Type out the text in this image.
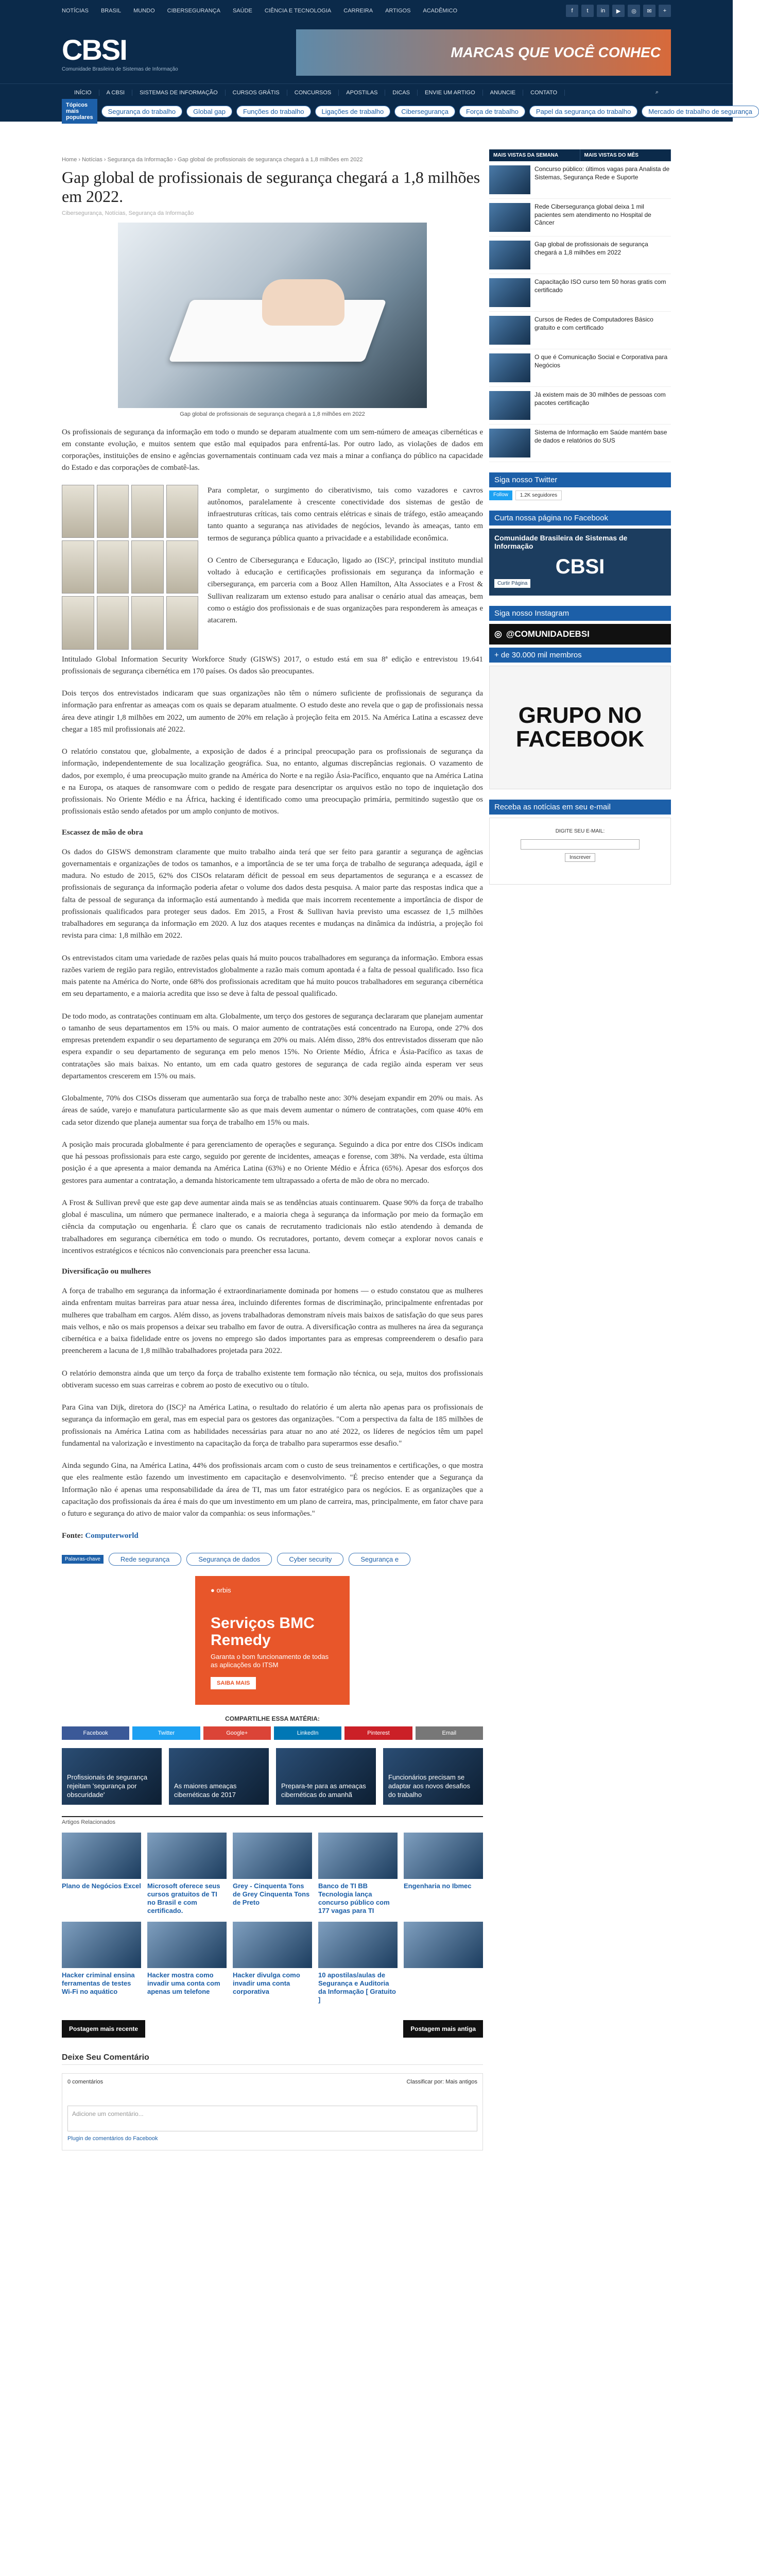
NOTÍCIAS BRASIL MUNDO CIBERSEGURANÇA SAÚDE CIÊNCIA E TECNOLOGIA CARREIRA ARTIGOS ACADÊMICO	f	t	in	▶	◎	✉	+
CBSI
Comunidade Brasileira de Sistemas de Informação
MARCAS QUE VOCÊ CONHEC
INÍCIO	A CBSI	SISTEMAS DE INFORMAÇÃO	CURSOS GRÁTIS	CONCURSOS	APOSTILAS	DICAS	ENVIE UM ARTIGO	ANUNCIE	CONTATO	⌕
Tópicos mais populares
Segurança do trabalho	Global gap	Funções do trabalho	Ligações de trabalho	Cibersegurança	Força de trabalho	Papel da segurança do trabalho	Mercado de trabalho de segurança
Home › Notícias › Segurança da Informação › Gap global de profissionais de segurança chegará a 1,8 milhões em 2022
Gap global de profissionais de segurança chegará a 1,8 milhões em 2022.
Cibersegurança, Notícias, Segurança da Informação
Gap global de profissionais de segurança chegará a 1,8 milhões em 2022

Os profissionais de segurança da informação em todo o mundo se deparam atualmente com um sem-número de ameaças cibernéticas e em constante evolução, e muitos sentem que estão mal equipados para enfrentá-las. Por outro lado, as violações de dados em corporações, instituições de ensino e agências governamentais continuam cada vez mais a minar a confiança do público na capacidade do Estado e das corporações de combatê-las.

Para completar, o surgimento do ciberativismo, tais como vazadores e cavros autônomos, paralelamente à crescente conectividade dos sistemas de gestão de infraestruturas críticas, tais como centrais elétricas e sinais de tráfego, estão ameaçando tanto quanto a segurança nas atividades de negócios, levando às ameaças, tanto em termos de segurança pública quanto a privacidade e a estabilidade econômica.

O Centro de Cibersegurança e Educação, ligado ao (ISC)², principal instituto mundial voltado à educação e certificações profissionais em segurança da informação e cibersegurança, em parceria com a Booz Allen Hamilton, Alta Associates e a Frost & Sullivan realizaram um extenso estudo para analisar o cenário atual das ameaças, bem como o estágio dos profissionais e de suas organizações para responderem às ameaças e atacarem.

Intitulado Global Information Security Workforce Study (GISWS) 2017, o estudo está em sua 8ª edição e entrevistou 19.641 profissionais de segurança cibernética em 170 países. Os dados são preocupantes.

Dois terços dos entrevistados indicaram que suas organizações não têm o número suficiente de profissionais de segurança da informação para enfrentar as ameaças com os quais se deparam atualmente. O estudo deste ano revela que o gap de profissionais nessa área deve atingir 1,8 milhões em 2022, um aumento de 20% em relação à projeção feita em 2015. Na América Latina a escassez deve chegar a 185 mil profissionais até 2022.

O relatório constatou que, globalmente, a exposição de dados é a principal preocupação para os profissionais de segurança da informação, independentemente de sua localização geográfica. Sua, no entanto, algumas discrepâncias regionais. O vazamento de dados, por exemplo, é uma preocupação muito grande na América do Norte e na região Ásia-Pacífico, enquanto que na América Latina e na Europa, os ataques de ransomware com o pedido de resgate para desencriptar os arquivos estão no topo de inquietação dos profissionais. No Oriente Médio e na África, hacking é identificado como uma preocupação primária, permitindo sugestão que os profissionais estão sendo afetados por um amplo conjunto de motivos.

Escassez de mão de obra

Os dados do GISWS demonstram claramente que muito trabalho ainda terá que ser feito para garantir a segurança de agências governamentais e organizações de todos os tamanhos, e a importância de se ter uma força de trabalho de segurança adequada, ágil e madura. No estudo de 2015, 62% dos CISOs relataram déficit de pessoal em seus departamentos de segurança e a escassez de profissionais de segurança da informação poderia afetar o volume dos dados desta pesquisa. A maior parte das respostas indica que a falta de pessoal de segurança da informação está aumentando à medida que mais incorrem recentemente a importância de dispor de profissionais qualificados para proteger seus dados. Em 2015, a Frost & Sullivan havia previsto uma escassez de 1,5 milhões trabalhadores em segurança da informação em 2020. A luz dos ataques recentes e mudanças na dinâmica da indústria, a projeção foi revista para cima: 1,8 milhão em 2022.

Os entrevistados citam uma variedade de razões pelas quais há muito poucos trabalhadores em segurança da informação. Embora essas razões variem de região para região, entrevistados globalmente a razão mais comum apontada é a falta de pessoal qualificado. Isso fica mais patente na América do Norte, onde 68% dos profissionais acreditam que há muito poucos trabalhadores em segurança cibernética em seu departamento, e a maioria acredita que isso se deve à falta de pessoal qualificado.

De todo modo, as contratações continuam em alta. Globalmente, um terço dos gestores de segurança declararam que planejam aumentar o tamanho de seus departamentos em 15% ou mais. O maior aumento de contratações está concentrado na Europa, onde 27% dos empresas pretendem expandir o seu departamento de segurança em 20% ou mais. Além disso, 28% dos entrevistados disseram que não espera expandir o seu departamento de segurança em pelo menos 15%. No Oriente Médio, África e Ásia-Pacífico as taxas de contratações são mais baixas. No entanto, um em cada quatro gestores de segurança de cada região ainda esperam ver seus departamentos crescerem em 15% ou mais.

Globalmente, 70% dos CISOs disseram que aumentarão sua força de trabalho neste ano: 30% desejam expandir em 20% ou mais. As áreas de saúde, varejo e manufatura particularmente são as que mais devem aumentar o número de contratações, com quase 40% em cada setor dizendo que planeja aumentar sua força de trabalho em 15% ou mais.

A posição mais procurada globalmente é para gerenciamento de operações e segurança. Seguindo a dica por entre dos CISOs indicam que há pessoas profissionais para este cargo, seguido por gerente de incidentes, ameaças e forense, com 38%. Na verdade, esta última posição é a que apresenta a maior demanda na América Latina (63%) e no Oriente Médio e África (65%). Apesar dos esforços dos gestores para aumentar a contratação, a demanda historicamente tem ultrapassado a oferta de mão de obra no mercado.

A Frost & Sullivan prevê que este gap deve aumentar ainda mais se as tendências atuais continuarem. Quase 90% da força de trabalho global é masculina, um número que permanece inalterado, e a maioria chega à segurança da informação por meio da formação em ciência da computação ou engenharia. É claro que os canais de recrutamento tradicionais não estão atendendo à demanda de trabalhadores em segurança cibernética em todo o mundo. Os recrutadores, portanto, devem começar a explorar novos canais e incentivos estratégicos e técnicos não convencionais para preencher essa lacuna.

Diversificação ou mulheres

A força de trabalho em segurança da informação é extraordinariamente dominada por homens — o estudo constatou que as mulheres ainda enfrentam muitas barreiras para atuar nessa área, incluindo diferentes formas de discriminação, principalmente enfrentadas por mulheres que trabalham em cargos. Além disso, as jovens trabalhadoras demonstram níveis mais baixos de satisfação do que seus pares mais velhos, e não os mais propensos a deixar seu trabalho em favor de outra. A diversificação contra as mulheres na área da segurança cibernética e a baixa fidelidade entre os jovens no emprego são dados importantes para as empresas compreenderem o desafio para preencherem a lacuna de 1,8 milhão trabalhadores projetada para 2022.

O relatório demonstra ainda que um terço da força de trabalho existente tem formação não técnica, ou seja, muitos dos profissionais obtiveram sucesso em suas carreiras e cobrem ao posto de executivo ou o título.

Para Gina van Dijk, diretora do (ISC)² na América Latina, o resultado do relatório é um alerta não apenas para os profissionais de segurança da informação em geral, mas em especial para os gestores das organizações. "Com a perspectiva da falta de 185 milhões de profissionais na América Latina com as habilidades necessárias para atuar no ano até 2022, os líderes de negócios têm um papel fundamental na valorização e investimento na capacitação da força de trabalho para superarmos esse desafio."

Ainda segundo Gina, na América Latina, 44% dos profissionais arcam com o custo de seus treinamentos e certificações, o que mostra que eles realmente estão fazendo um investimento em capacitação e desenvolvimento. "É preciso entender que a Segurança da Informação não é apenas uma responsabilidade da área de TI, mas um fator estratégico para os negócios. E as organizações que a capacitação dos profissionais da área é mais do que um investimento em um plano de carreira, mas, principalmente, em fator chave para o futuro e segurança do ativo de maior valor da companhia: os seus informações."

Fonte: Computerworld

Palavras-chave	Rede segurança	Segurança de dados	Cyber security	Segurança e
● orbis
Serviços BMC Remedy
Garanta o bom funcionamento de todas as aplicações do ITSM
SAIBA MAIS
COMPARTILHE ESSA MATÉRIA:
Facebook	Twitter	Google+	LinkedIn	Pinterest	Email
Profissionais de segurança rejeitam 'segurança por obscuridade'
As maiores ameaças cibernéticas de 2017
Prepara-te para as ameaças cibernéticas do amanhã
Funcionários precisam se adaptar aos novos desafios do trabalho
Artigos Relacionados
Plano de Negócios Excel Microsoft oferece seus cursos gratuitos de TI no Brasil e com certificado.
Grey - Cinquenta Tons de Grey Cinquenta Tons de Preto
Banco de TI BB Tecnologia lança concurso público com 177 vagas para TI
Engenharia no Ibmec
Hacker criminal ensina ferramentas de testes Wi-Fi no aquático
Hacker mostra como invadir uma conta com apenas um telefone
Hacker divulga como invadir uma conta corporativa
10 apostilas/aulas de Segurança e Auditoria da Informação [ Gratuito ]
Postagem mais recente	Postagem mais antiga
Deixe Seu Comentário
0 comentários	Classificar por: Mais antigos
Adicione um comentário...
Plugin de comentários do Facebook
MAIS VISTAS DA SEMANA	MAIS VISTAS DO MÊS
Concurso público: últimos vagas para Analista de Sistemas, Segurança Rede e Suporte
Rede Cibersegurança global deixa 1 mil pacientes sem atendimento no Hospital de Câncer
Gap global de profissionais de segurança chegará a 1,8 milhões em 2022
Capacitação ISO curso tem 50 horas gratis com certificado
Cursos de Redes de Computadores Básico gratuito e com certificado
O que é Comunicação Social e Corporativa para Negócios
Já existem mais de 30 milhões de pessoas com pacotes certificação
Sistema de Informação em Saúde mantém base de dados e relatórios do SUS
Siga nosso Twitter
Follow	1.2K seguidores
Curta nossa página no Facebook
Comunidade Brasileira de Sistemas de Informação
CBSI
Curtir Página
Siga nosso Instagram
◎ @COMUNIDADEBSI
+ de 30.000 mil membros
GRUPO NO FACEBOOK
Receba as notícias em seu e-mail
DIGITE SEU E-MAIL:
Inscrever
